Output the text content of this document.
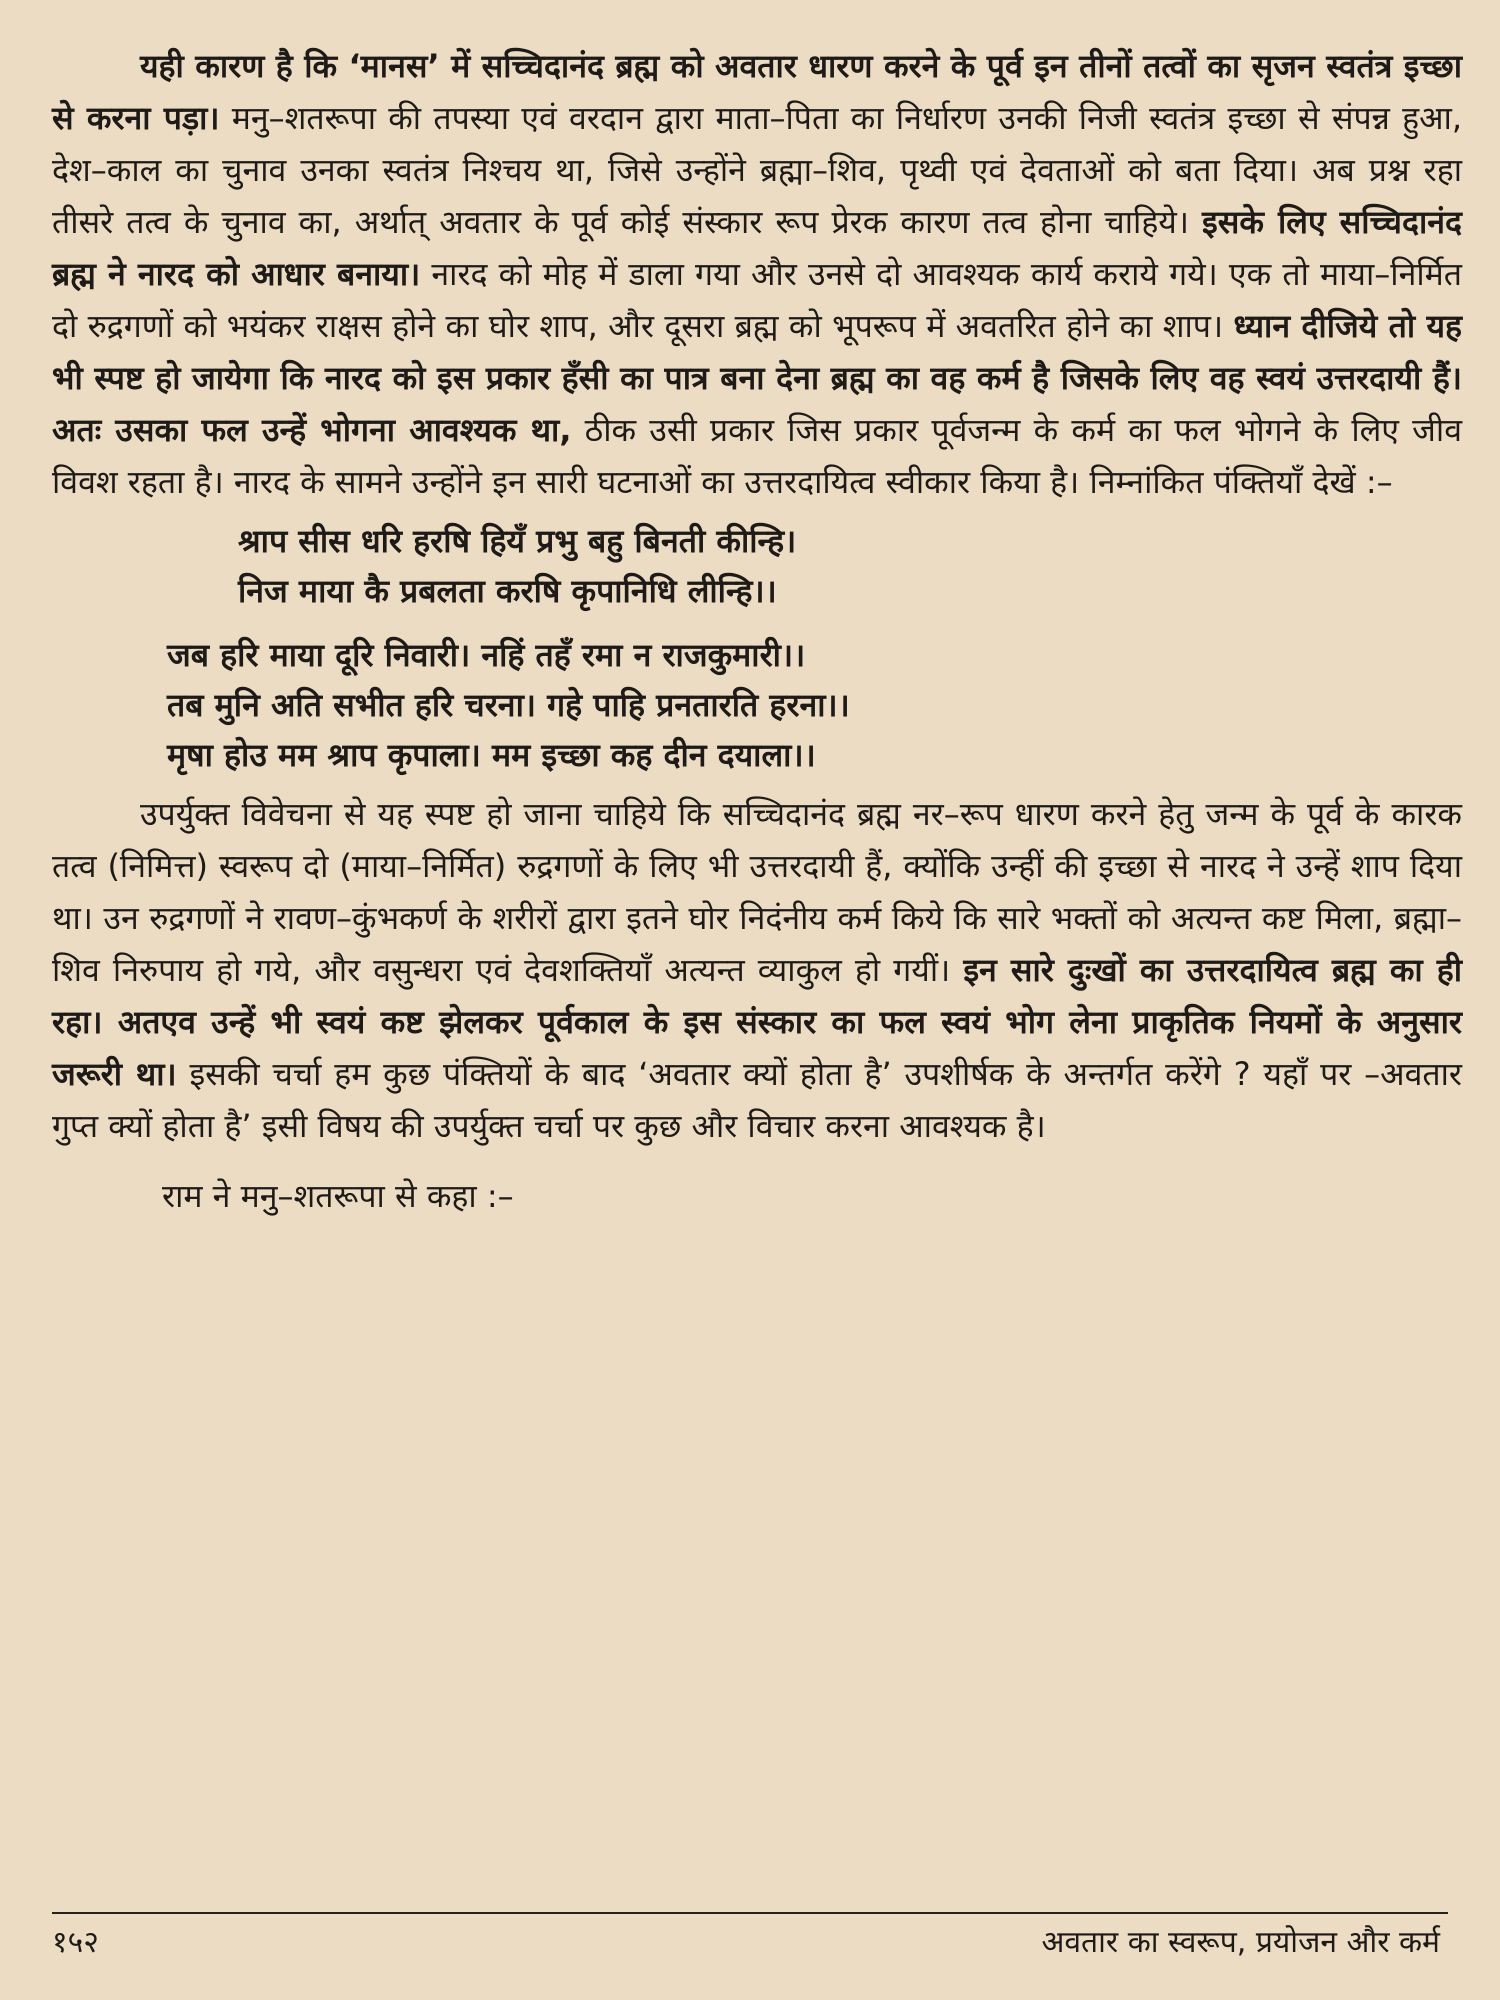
यही कारण है कि ‘मानस’ में सच्चिदानंद ब्रह्म को अवतार धारण करने के पूर्व इन तीनों तत्वों का सृजन स्वतंत्र इच्छा से करना पड़ा। मनु–शतरूपा की तपस्या एवं वरदान द्वारा माता–पिता का निर्धारण उनकी निजी स्वतंत्र इच्छा से संपन्न हुआ, देश–काल का चुनाव उनका स्वतंत्र निश्चय था, जिसे उन्होंने ब्रह्मा–शिव, पृथ्वी एवं देवताओं को बता दिया। अब प्रश्न रहा तीसरे तत्व के चुनाव का, अर्थात् अवतार के पूर्व कोई संस्कार रूप प्रेरक कारण तत्व होना चाहिये। इसके लिए सच्चिदानंद ब्रह्म ने नारद को आधार बनाया। नारद को मोह में डाला गया और उनसे दो आवश्यक कार्य कराये गये। एक तो माया–निर्मित दो रुद्रगणों को भयंकर राक्षस होने का घोर शाप, और दूसरा ब्रह्म को भूपरूप में अवतरित होने का शाप। ध्यान दीजिये तो यह भी स्पष्ट हो जायेगा कि नारद को इस प्रकार हँसी का पात्र बना देना ब्रह्म का वह कर्म है जिसके लिए वह स्वयं उत्तरदायी हैं। अतः उसका फल उन्हें भोगना आवश्यक था, ठीक उसी प्रकार जिस प्रकार पूर्वजन्म के कर्म का फल भोगने के लिए जीव विवश रहता है। नारद के सामने उन्होंने इन सारी घटनाओं का उत्तरदायित्व स्वीकार किया है। निम्नांकित पंक्तियाँ देखें :–

श्राप सीस धरि हरषि हियँ प्रभु बहु बिनती कीन्हि।
निज माया कै प्रबलता करषि कृपानिधि लीन्हि।।
जब हरि माया दूरि निवारी। नहिं तहँ रमा न राजकुमारी।।
तब मुनि अति सभीत हरि चरना। गहे पाहि प्रनतारति हरना।।
मृषा होउ मम श्राप कृपाला। मम इच्छा कह दीन दयाला।।

उपर्युक्त विवेचना से यह स्पष्ट हो जाना चाहिये कि सच्चिदानंद ब्रह्म नर–रूप धारण करने हेतु जन्म के पूर्व के कारक तत्व (निमित्त) स्वरूप दो (माया–निर्मित) रुद्रगणों के लिए भी उत्तरदायी हैं, क्योंकि उन्हीं की इच्छा से नारद ने उन्हें शाप दिया था। उन रुद्रगणों ने रावण–कुंभकर्ण के शरीरों द्वारा इतने घोर निदंनीय कर्म किये कि सारे भक्तों को अत्यन्त कष्ट मिला, ब्रह्मा–शिव निरुपाय हो गये, और वसुन्धरा एवं देवशक्तियाँ अत्यन्त व्याकुल हो गयीं। इन सारे दुःखों का उत्तरदायित्व ब्रह्म का ही रहा। अतएव उन्हें भी स्वयं कष्ट झेलकर पूर्वकाल के इस संस्कार का फल स्वयं भोग लेना प्राकृतिक नियमों के अनुसार जरूरी था। इसकी चर्चा हम कुछ पंक्तियों के बाद ‘अवतार क्यों होता है’ उपशीर्षक के अन्तर्गत करेंगे ? यहाँ पर –अवतार गुप्त क्यों होता है’ इसी विषय की उपर्युक्त चर्चा पर कुछ और विचार करना आवश्यक है।

राम ने मनु–शतरूपा से कहा :–

१५२	अवतार का स्वरूप, प्रयोजन और कर्म
